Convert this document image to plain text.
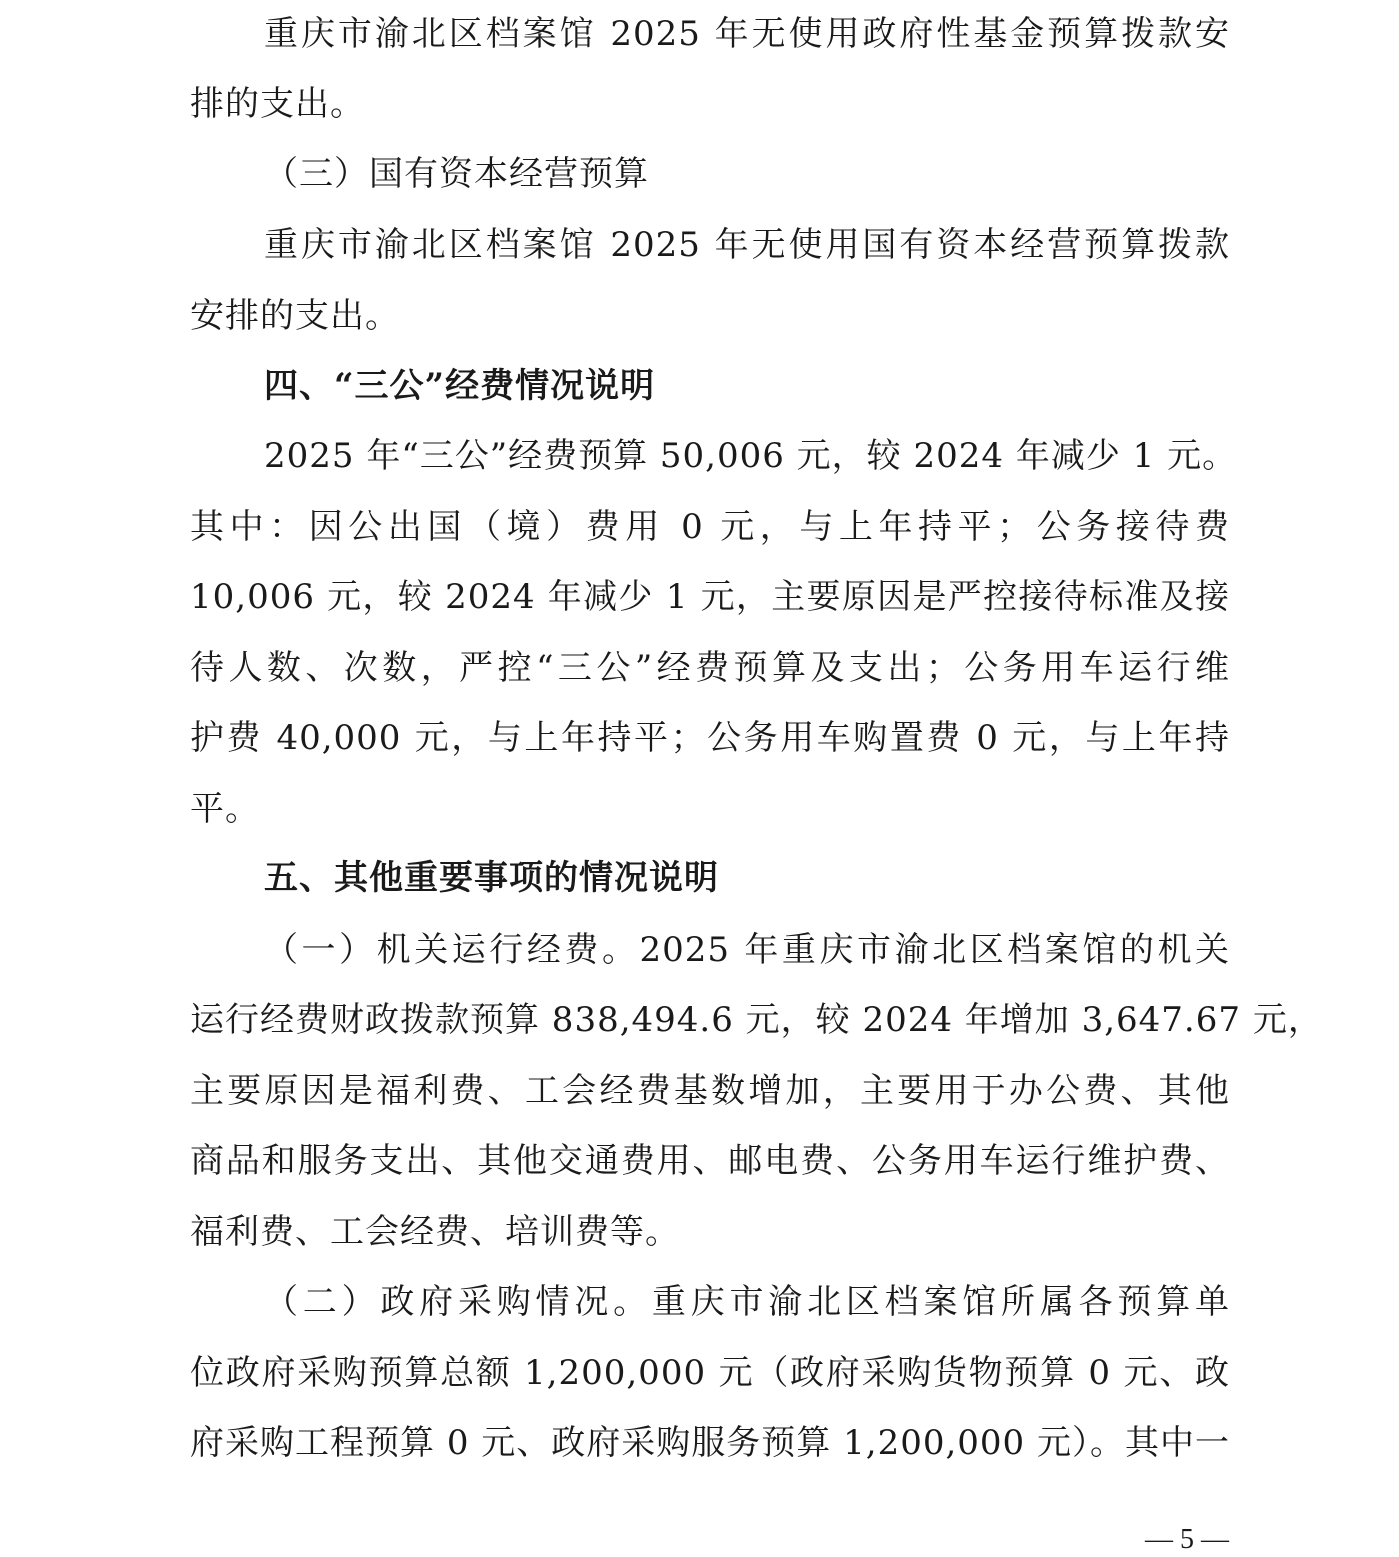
重庆市渝北区档案馆 2025 年无使用政府性基金预算拨款安
排的支出。
（三）国有资本经营预算
重庆市渝北区档案馆 2025 年无使用国有资本经营预算拨款
安排的支出。
四、“三公”经费情况说明
2025 年“三公”经费预算 50,006 元，较 2024 年减少 1 元。
其中：因公出国（境）费用 0 元，与上年持平；公务接待费
10,006 元，较 2024 年减少 1 元，主要原因是严控接待标准及接
待人数、次数，严控“三公”经费预算及支出；公务用车运行维
护费 40,000 元，与上年持平；公务用车购置费 0 元，与上年持
平。
五、其他重要事项的情况说明
（一）机关运行经费。2025 年重庆市渝北区档案馆的机关
运行经费财政拨款预算 838,494.6 元，较 2024 年增加 3,647.67 元，
主要原因是福利费、工会经费基数增加，主要用于办公费、其他
商品和服务支出、其他交通费用、邮电费、公务用车运行维护费、
福利费、工会经费、培训费等。
（二）政府采购情况。重庆市渝北区档案馆所属各预算单
位政府采购预算总额 1,200,000 元（政府采购货物预算 0 元、政
府采购工程预算 0 元、政府采购服务预算 1,200,000 元）。其中一
— 5 —
